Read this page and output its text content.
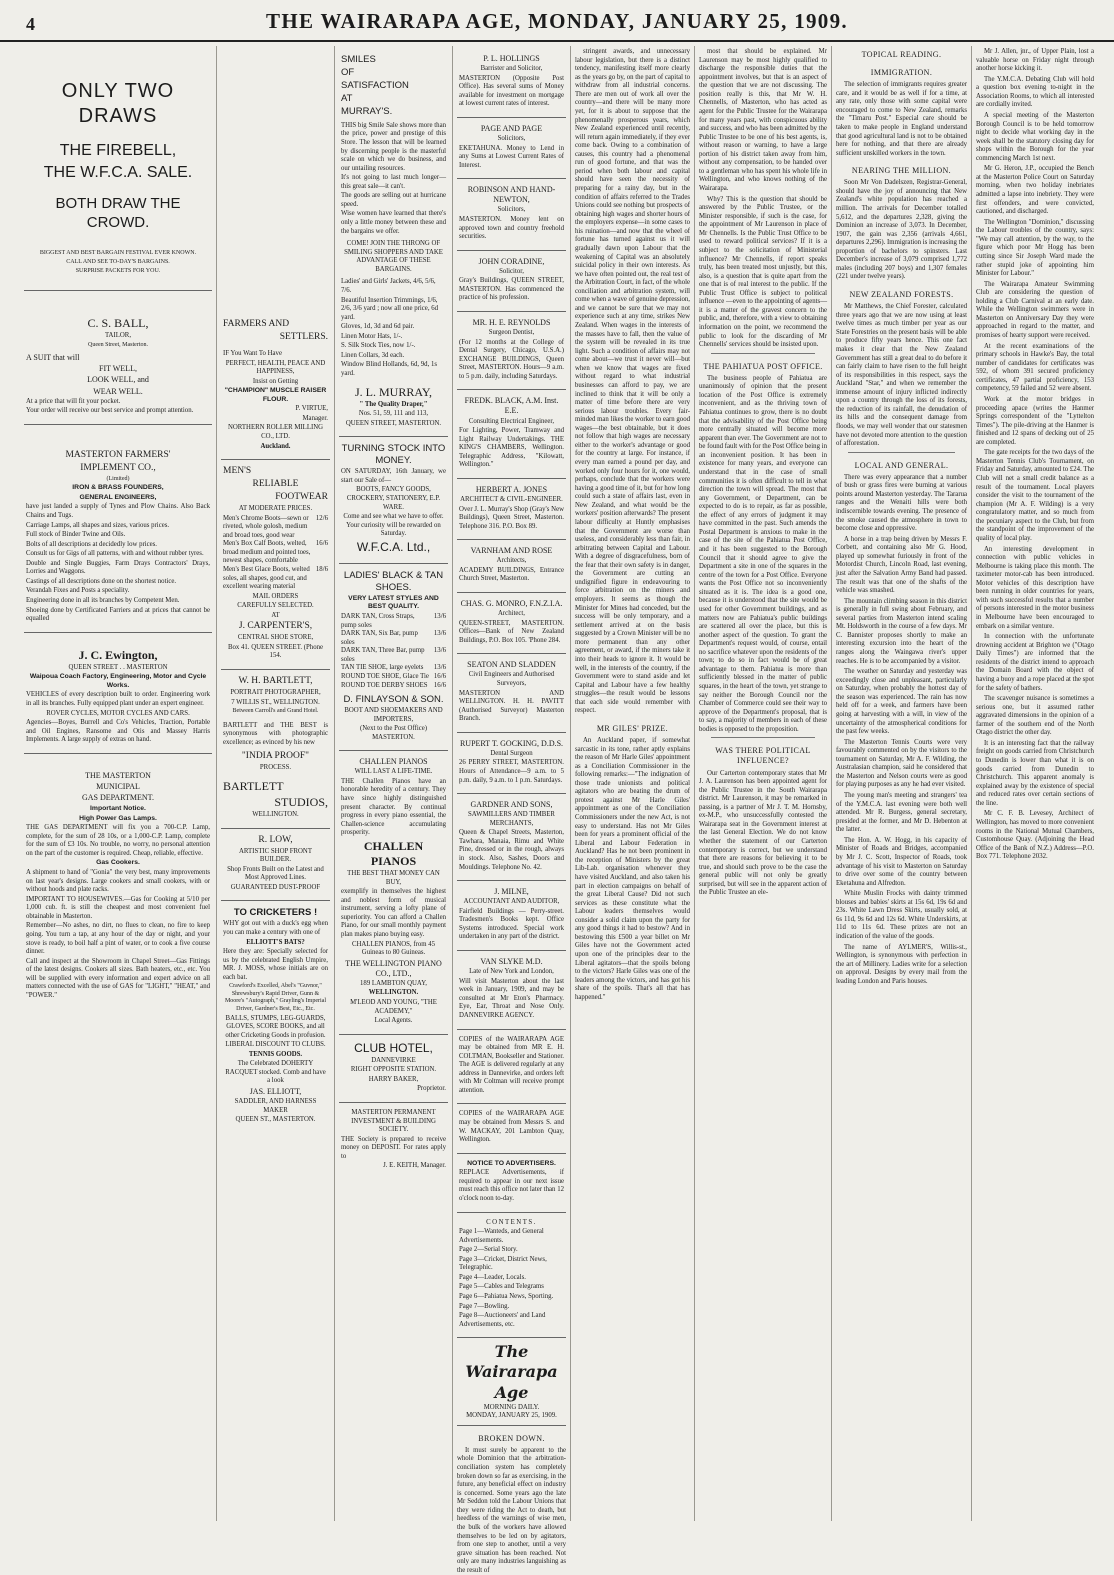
4	THE WAIRARAPA AGE, MONDAY, JANUARY 25, 1909.

ONLY TWO DRAWS

THE FIREBELL,

THE W.F.C.A. SALE.

BOTH DRAW THE CROWD.

BIGGEST AND BEST BARGAIN FESTIVAL EVER KNOWN.

CALL AND SEE TO-DAY'S BARGAINS.

SURPRISE PACKETS FOR YOU.

C. S. BALL,

TAILOR,

Queen Street, Masterton.

A SUIT that will

FIT WELL,

LOOK WELL, and

WEAR WELL.

At a price that will fit your pocket.

Your order will receive our best service and prompt attention.

MASTERTON FARMERS'

IMPLEMENT CO.,

(Limited)

IRON & BRASS FOUNDERS,

GENERAL ENGINEERS,

have just landed a supply of Tynes and Plow Chains. Also Back Chains and Tugs.

Carriage Lamps, all shapes and sizes, various prices.

Full stock of Binder Twine and Oils.

Bolts of all descriptions at decidedly low prices.

Consult us for Gigs of all patterns, with and without rubber tyres.

Double and Single Buggies, Farm Drays Contractors' Drays, Lorries and Waggons.

Castings of all descriptions done on the shortest notice.

Verandah Fixes and Posts a speciality.

Engineering done in all its branches by Competent Men.

Shoeing done by Certificated Farriers and at prices that cannot be equalled

J. C. Ewington,

QUEEN STREET . . MASTERTON

Waipoua Coach Factory, Engineering, Motor and Cycle Works.

VEHICLES of every description built to order. Engineering work in all its branches. Fully equipped plant under an expert engineer.

ROVER CYCLES, MOTOR CYCLES AND CARS.

Agencies—Boyes, Burrell and Co's Vehicles, Traction, Portable and Oil Engines, Ransome and Otis and Massey Harris Implements. A large supply of extras on hand.

THE MASTERTON

MUNICIPAL

GAS DEPARTMENT.

Important Notice.

High Power Gas Lamps.

THE GAS DEPARTMENT will fix you a 700-C.P. Lamp, complete, for the sum of 28 10s, or a 1,000-C.P. Lamp, complete for the sum of £3 10s. No trouble, no worry, no personal attention on the part of the customer is required. Cheap, reliable, effective.

Gas Cookers.

A shipment to hand of "Gonia" the very best, many improvements on last year's designs. Large cookers and small cookers, with or without hoods and plate racks.

IMPORTANT TO HOUSEWIVES.—Gas for Cooking at 5/10 per 1,000 cub. ft. is still the cheapest and most convenient fuel obtainable in Masterton.

Remember—No ashes, no dirt, no flues to clean, no fire to keep going. You turn a tap, at any hour of the day or night, and your stove is ready, to boil half a pint of water, or to cook a five course dinner.

Call and inspect at the Showroom in Chapel Street—Gas Fittings of the latest designs. Cookers all sizes. Bath heaters, etc., etc. You will be supplied with every information and expert advice on all matters connected with the use of GAS for "LIGHT," "HEAT," and "POWER."

FARMERS AND

SETTLERS.

IF You Want To Have

PERFECT, HEALTH, PEACE AND HAPPINESS,

Insist on Getting

"CHAMPION" MUSCLE RAISER FLOUR.

P. VIRTUE,

Manager.

NORTHERN ROLLER MILLING CO., LTD.

Auckland.

MEN'S

RELIABLE

FOOTWEAR

AT MODERATE PRICES.

Men's Chrome Boots—sewn or riveted, whole golosh, medium and broad toes, good wear
12/6
Men's Box Calf Boots, welted, broad medium and pointed toes, newest shapes, comfortable
16/6
Men's Best Glace Boots, welted soles, all shapes, good cut, and excellent wearing material
18/6

MAIL ORDERS

CAREFULLY SELECTED.

AT

J. CARPENTER'S,

CENTRAL SHOE STORE,

Box 41. QUEEN STREET. (Phone 154.

W. H. BARTLETT,

PORTRAIT PHOTOGRAPHER,

7 WILLIS ST., WELLINGTON.

Between Carroll's and Grand Hotel.

BARTLETT and THE BEST is synonymous with photographic excellence; as evinced by his new

"INDIA PROOF"

PROCESS.

BARTLETT

STUDIOS,

WELLINGTON.

R. LOW,

ARTISTIC SHOP FRONT BUILDER.

Shop Fronts Built on the Latest and Most Approved Lines.

GUARANTEED DUST-PROOF

TO CRICKETERS !

WHY got out with a duck's egg when you can make a century with one of

ELLIOTT'S BATS?

Here they are: Specially selected for us by the celebrated English Umpire, MR. J. MOSS, whose initials are on each bat.

Crawford's Excelled, Abel's "Guvnor," Shrewsbury's Rapid Driver, Gunn & Moore's "Autograph," Grayling's Imperial Driver, Gardner's Best, Etc., Etc.

BALLS, STUMPS, LEG-GUARDS, GLOVES, SCORE BOOKS, and all other Cricketing Goods in profusion.

LIBERAL DISCOUNT TO CLUBS.

TENNIS GOODS.

The Celebrated DOHERTY RACQUET stocked. Comb and have a look

JAS. ELLIOTT,

SADDLER, AND HARNESS MAKER

QUEEN ST., MASTERTON.

SMILES

OF

SATISFACTION

AT

MURRAY'S.

THIS big Smile Sale shows more than the price, power and prestige of this Store. The lesson that will be learned by discerning people is the masterful scale on which we do business, and our untailing resources.

It's not going to last much longer—this great sale—it can't.

The goods are selling out at hurricane speed.

Wise women have learned that there's only a little money between these and the bargains we offer.

COME! JOIN THE THRONG OF SMILING SHOPPERS AND TAKE ADVANTAGE OF THESE BARGAINS.

Ladies' and Girls' Jackets, 4/6, 5/6, 7/6.

Beautiful Insertion Trimmings, 1/6, 2/6, 3/6 yard ; now all one price, 6d yard.

Gloves, 1d, 3d and 6d pair.

Linen Motor Hats, 1/-.

S. Silk Stock Ties, now 1/-.

Linen Collars, 3d each.

Window Blind Hollands, 6d, 9d, 1s yard.

J. L. MURRAY,

" The Quality Draper,"

Nos. 51, 59, 111 and 113,

QUEEN STREET, MASTERTON.

TURNING STOCK INTO MONEY.

ON SATURDAY, 16th January, we start our Sale of—

BOOTS, FANCY GOODS, CROCKERY, STATIONERY, E.P. WARE.

Come and see what we have to offer. Your curiosity will be rewarded on Saturday.

W.F.C.A. Ltd.,

LADIES' BLACK & TAN SHOES.

VERY LATEST STYLES AND BEST QUALITY.

DARK TAN, Cross Straps, pump soles
13/6
DARK TAN, Six Bar, pump soles
13/6
DARK TAN, Three Bar, pump soles
13/6
TAN TIE SHOE, large eyelets 13/6
ROUND TOE SHOE, Glace Tie 16/6
ROUND TOE DERBY SHOES 16/6

D. FINLAYSON & SON.

BOOT AND SHOEMAKERS AND IMPORTERS,

(Next to the Post Office) MASTERTON.

CHALLEN PIANOS

WILL LAST A LIFE-TIME.

THE Challen Pianos have an honorable heredity of a century. They have since highly distinguished present character. By continual progress in every piano essential, the Challen-science accumulating prosperity.

CHALLEN PIANOS

THE BEST THAT MONEY CAN BUY,

exemplify in themselves the highest and noblest form of musical instrument, serving a lofty plane of superiority. You can afford a Challen Piano, for our small monthly payment plan makes piano buying easy.

CHALLEN PIANOS, from 45 Guineas to 80 Guineas.

THE WELLINGTON PIANO CO., LTD.,

189 LAMBTON QUAY,

WELLINGTON.

M'LEOD AND YOUNG, "THE ACADEMY,"

Local Agents.

CLUB HOTEL,

DANNEVIRKE

RIGHT OPPOSITE STATION.

HARRY BAKER,

Proprietor.

MASTERTON PERMANENT INVESTMENT & BUILDING SOCIETY.

THE Society is prepared to receive money on DEPOSIT. For rates apply to

J. E. KEITH, Manager.

P. L. HOLLINGS

Barrister and Solicitor,

MASTERTON (Opposite Post Office). Has several sums of Money available for investment on mortgage at lowest current rates of interest.

PAGE AND PAGE

Solicitors,

EKETAHUNA. Money to Lend in any Sums at Lowest Current Rates of Interest.

ROBINSON AND HAND-NEWTON,

Solicitors,

MASTERTON. Money lent on approved town and country freehold securities.

JOHN CORADINE,

Solicitor,

Gray's Buildings, QUEEN STREET, MASTERTON. Has commenced the practice of his profession.

MR. H. E. REYNOLDS

Surgeon Dentist,

(For 12 months at the College of Dental Surgery, Chicago, U.S.A.) EXCHANGE BUILDINGS, Queen Street, MASTERTON. Hours—9 a.m. to 5 p.m. daily, including Saturdays.

FREDK. BLACK, A.M. Inst. E.E.

Consulting Electrical Engineer,

For Lighting, Power, Tramway and Light Railway Undertakings. THE KING'S CHAMBERS, Wellington. Telegraphic Address, "Kilowatt, Wellington."

HERBERT A. JONES

ARCHITECT & CIVIL-ENGINEER.

Over J. L. Murray's Shop (Gray's New Buildings), Queen Street, Masterton. Telephone 316. P.O. Box 89.

VARNHAM AND ROSE

Architects,

ACADEMY BUILDINGS, Entrance Church Street, Masterton.

CHAS. G. MONRO, F.N.Z.I.A.

Architect,

QUEEN-STREET, MASTERTON. Offices—Bank of New Zealand Buildings, P.O. Box 105. 'Phone 284.

SEATON AND SLADDEN

Civil Engineers and Authorised Surveyors,

MASTERTON AND WELLINGTON. H. H. PAVITT (Authorised Surveyor) Masterton Branch.

RUPERT T. GOCKING, D.D.S.

Dental Surgeon

26 PERRY STREET, MASTERTON. Hours of Attendance—9 a.m. to 5 p.m. daily, 9 a.m. to 1 p.m. Saturdays.

GARDNER AND SONS,

SAWMILLERS AND TIMBER MERCHANTS,

Queen & Chapel Streets, Masterton, Tawhara, Manaia, Rimu and White Pine, dressed or in the rough, always in stock. Also, Sashes, Doors and Mouldings. Telephone No. 42.

J. MILNE,

ACCOUNTANT AND AUDITOR,

Fairfield Buildings — Perry-street. Tradesmen's Books kept. Office Systems introduced. Special work undertaken in any part of the district.

VAN SLYKE M.D.

Late of New York and London,

Will visit Masterton about the last week in January, 1909, and may be consulted at Mr Eton's Pharmacy. Eye, Ear, Throat and Nose Only. DANNEVIRKE AGENCY.

COPIES of the WAIRARAPA AGE may be obtained from MR E. H. COLTMAN, Bookseller and Stationer. The AGE is delivered regularly at any address in Dannevirke, and orders left with Mr Coltman will receive prompt attention.

COPIES of the WAIRARAPA AGE may be obtained from Messrs S. and W. MACKAY, 201 Lambton Quay, Wellington.

NOTICE TO ADVERTISERS.

REPLACE Advertisements, if required to appear in our next issue must reach this office not later than 12 o'clock noon to-day.

CONTENTS.

Page 1—Wanteds, and General Advertisements.

Page 2—Serial Story.

Page 3—Cricket, District News, Telegraphic.

Page 4—Leader, Locals.

Page 5—Cables and Telegrams

Page 6—Pahiatua News, Sporting.

Page 7—Bowling.

Page 8—Auctioneers' and Land Advertisements, etc.

The Wairarapa Age

MORNING DAILY.

MONDAY, JANUARY 25, 1909.

BROKEN DOWN.

It must surely be apparent to the whole Dominion that the arbitration-conciliation system has completely broken down so far as exercising, in the future, any beneficial effect on industry is concerned. Some years ago the late Mr Seddon told the Labour Unions that they were riding the Act to death, but heedless of the warnings of wise men, the bulk of the workers have allowed themselves to be led on by agitators, from one step to another, until a very grave situation has been reached. Not only are many industries languishing as the result of

stringent awards, and unnecessary labour legislation, but there is a distinct tendency, manifesting itself more clearly as the years go by, on the part of capital to withdraw from all industrial concerns. There are men out of work all over the country—and there will be many more yet, for it is about to suppose that the phenomenally prosperous years, which New Zealand experienced until recently, will return again immediately, if they ever come back. Owing to a combination of causes, this country had a phenomenal run of good fortune, and that was the period when both labour and capital should have seen the necessity of preparing for a rainy day, but in the condition of affairs referred to the Trades Unions could see nothing but prospects of obtaining high wages and shorter hours of the employers expense—in some cases to his ruination—and now that the wheel of fortune has turned against us it will gradually dawn upon Labour that the weakening of Capital was an absolutely suicidal policy in their own interests. As we have often pointed out, the real test of the Arbitration Court, in fact, of the whole conciliation and arbitration system, will come when a wave of genuine depression, and we cannot be sure that we may not experience such at any time, strikes New Zealand. When wages in the interests of the masses have to fall, then the value of the system will be revealed in its true light. Such a condition of affairs may not come about—we trust it never will—but when we know that wages are fixed without regard to what industrial businesses can afford to pay, we are inclined to think that it will be only a matter of time before there are very serious labour troubles. Every fair-minded man likes the worker to earn good wages—the best obtainable, but it does not follow that high wages are necessary either to the worker's advantage or good for the country at large. For instance, if every man earned a pound per day, and worked only four hours for it, one would, perhaps, conclude that the workers were having a good time of it, but for how long could such a state of affairs last, even in New Zealand, and what would be the workers' position afterwards? The present labour difficulty at Huntly emphasises that the Government are worse than useless, and considerably less than fair, in arbitrating between Capital and Labour. With a degree of disgracefulness, born of the fear that their own safety is in danger, the Government are cutting an undignified figure in endeavouring to force arbitration on the miners and employers. It seems as though the Minister for Mines had conceded, but the success will be only temporary, and a settlement arrived at on the basis suggested by a Crown Minister will be no more permanent than any other agreement, or award, if the miners take it into their heads to ignore it. It would be well, in the interests of the country, if the Government were to stand aside and let Capital and Labour have a few healthy struggles—the result would be lessons that each side would remember with respect.

MR GILES' PRIZE.

An Auckland paper, if somewhat sarcastic in its tone, rather aptly explains the reason of Mr Harle Giles' appointment as a Conciliation Commissioner in the following remarks:—"The indignation of those trade unionists and political agitators who are beating the drum of protest against Mr Harle Giles' appointment as one of the Conciliation Commissioners under the new Act, is not easy to understand. Has not Mr Giles been for years a prominent official of the Liberal and Labour Federation in Auckland? Has he not been prominent in the reception of Ministers by the great Lib-Lab. organisation whenever they have visited Auckland, and also taken his part in election campaigns on behalf of the great Liberal Cause? Did not such services as these constitute what the Labour leaders themselves would consider a solid claim upon the party for any good things it had to bestow? And in bestowing this £500 a year billet on Mr Giles have not the Government acted upon one of the principles dear to the Liberal agitators—that the spoils belong to the victors? Harle Giles was one of the leaders among the victors, and has got his share of the spoils. That's all that has happened."

most that should be explained. Mr Laurenson may be most highly qualified to discharge the responsible duties that the appointment involves, but that is an aspect of the question that we are not discussing. The position really is this, that Mr W. H. Chennells, of Masterton, who has acted as agent for the Public Trustee for the Wairarapa for many years past, with conspicuous ability and success, and who has been admitted by the Public Trustee to be one of his best agents, is, without reason or warning, to have a large portion of his district taken away from him, without any compensation, to be handed over to a gentleman who has spent his whole life in Wellington, and who knows nothing of the Wairarapa.

Why? This is the question that should be answered by the Public Trustee, or the Minister responsible, if such is the case, for the appointment of Mr Laurenson in place of Mr Chennells. Is the Public Trust Office to be used to reward political services? If it is a subject to the solicitation of Ministerial influence? Mr Chennells, if report speaks truly, has been treated most unjustly, but this, also, is a question that is quite apart from the one that is of real interest to the public. If the Public Trust Office is subject to political influence —even to the appointing of agents—it is a matter of the gravest concern to the public, and, therefore, with a view to obtaining information on the point, we recommend the public to look for the discarding of Mr Chennells' services should be insisted upon.

THE PAHIATUA POST OFFICE.

The business people of Pahiatua are unanimously of opinion that the present location of the Post Office is extremely inconvenient, and as the thriving town of Pahiatua continues to grow, there is no doubt that the advisability of the Post Office being more centrally situated will become more apparent than ever. The Government are not to be found fault with for the Post Office being in an inconvenient position. It has been in existence for many years, and everyone can understand that in the case of small communities it is often difficult to tell in what direction the town will spread. The most that any Government, or Department, can be expected to do is to repair, as far as possible, the effect of any errors of judgment it may have committed in the past. Such amends the Postal Department is anxious to make in the case of the site of the Pahiatua Post Office, and it has been suggested to the Borough Council that it should agree to give the Department a site in one of the squares in the centre of the town for a Post Office. Everyone wants the Post Office not so inconveniently situated as it is. The idea is a good one, because it is understood that the site would be used for other Government buildings, and as matters now are Pahiatua's public buildings are scattered all over the place, but this is another aspect of the question. To grant the Department's request would, of course, entail no sacrifice whatever upon the residents of the town; to do so in fact would be of great advantage to them. Pahiatua is more than sufficiently blessed in the matter of public squares, in the heart of the town, yet strange to say neither the Borough Council nor the Chamber of Commerce could see their way to approve of the Department's proposal, that is to say, a majority of members in each of these bodies is opposed to the proposition.

WAS THERE POLITICAL INFLUENCE?

Our Carterton contemporary states that Mr J. A. Laurenson has been appointed agent for the Public Trustee in the South Wairarapa district. Mr Laurenson, it may be remarked in passing, is a partner of Mr J. T. M. Hornsby, ex-M.P., who unsuccessfully contested the Wairarapa seat in the Government interest at the last General Election. We do not know whether the statement of our Carterton contemporary is correct, but we understand that there are reasons for believing it to be true, and should such prove to be the case the general public will not only be greatly surprised, but will see in the apparent action of the Public Trustee an ele-

TOPICAL READING.

IMMIGRATION.

The selection of immigrants requires greater care, and it would be as well if for a time, at any rate, only those with some capital were encouraged to come to New Zealand, remarks the "Timaru Post." Especial care should be taken to make people in England understand that good agricultural land is not to be obtained here for nothing, and that there are already sufficient unskilled workers in the town.

NEARING THE MILLION.

Soon Mr Von Dadelszen, Registrar-General, should have the joy of announcing that New Zealand's white population has reached a million. The arrivals for December totalled 5,612, and the departures 2,328, giving the Dominion an increase of 3,073. In December, 1907, the gain was 2,356 (arrivals 4,661, departures 2,296). Immigration is increasing the proportion of bachelors to spinsters. Last December's increase of 3,079 comprised 1,772 males (including 207 boys) and 1,307 females (221 under twelve years).

NEW ZEALAND FORESTS.

Mr Matthews, the Chief Forester, calculated three years ago that we are now using at least twelve times as much timber per year as our State Forestries on the present basis will be able to produce fifty years hence. This one fact makes it clear that the New Zealand Government has still a great deal to do before it can fairly claim to have risen to the full height of its responsibilities in this respect, says the Auckland "Star," and when we remember the immense amount of injury inflicted indirectly upon a country through the loss of its forests, the reduction of its rainfall, the denudation of its hills and the consequent damage from floods, we may well wonder that our statesmen have not devoted more attention to the question of afforestation.

LOCAL AND GENERAL.

There was every appearance that a number of bush or grass fires were burning at various points around Masterton yesterday. The Tararua ranges and the Wenaiti hills were both indiscernible towards evening. The presence of the smoke caused the atmosphere in town to become close and oppressive.

A horse in a trap being driven by Messrs F. Corbett, and containing also Mr G. Hood, played up somewhat furiously in front of the Motordist Church, Lincoln Road, last evening, just after the Salvation Army Band had passed. The result was that one of the shafts of the vehicle was smashed.

The mountain climbing season in this district is generally in full swing about February, and several parties from Masterton intend scaling Mt. Holdsworth in the course of a few days. Mr C. Bannister proposes shortly to make an interesting excursion into the heart of the ranges along the Waingawa river's upper reaches. He is to be accompanied by a visitor.

The weather on Saturday and yesterday was exceedingly close and unpleasant, particularly on Saturday, when probably the hottest day of the season was experienced. The rain has now held off for a week, and farmers have been going at harvesting with a will, in view of the uncertainty of the atmospherical conditions for the past few weeks.

The Masterton Tennis Courts were very favourably commented on by the visitors to the tournament on Saturday, Mr A. F. Wilding, the Australasian champion, said he considered that the Masterton and Nelson courts were as good for playing purposes as any he had ever visited.

The young man's meeting and strangers' tea of the Y.M.C.A. last evening were both well attended. Mr R. Burgess, general secretary, presided at the former, and Mr D. Hebenton at the latter.

The Hon. A. W. Hogg, in his capacity of Minister of Roads and Bridges, accompanied by Mr J. C. Scott, Inspector of Roads, took advantage of his visit to Masterton on Saturday to drive over some of the country between Eketahuna and Alfredton.

White Muslin Frocks with dainty trimmed blouses and babies' skirts at 15s 6d, 19s 6d and 23s. White Lawn Dress Skirts, usually sold, at 6s 11d, 9s 6d and 12s 6d. White Underskirts, at 11d to 11s 6d. These prizes are not an indication of the value of the goods.

The name of AYLMER'S, Willis-st., Wellington, is synonymous with perfection in the art of Millinery. Ladies write for a selection on approval. Designs by every mail from the leading London and Paris houses.

Mr J. Allen, jnr., of Upper Plain, lost a valuable horse on Friday night through another horse kicking it.

The Y.M.C.A. Debating Club will hold a question box evening to-night in the Association Rooms, to which all interested are cordially invited.

A special meeting of the Masterton Borough Council is to be held tomorrow night to decide what working day in the week shall be the statutory closing day for shops within the Borough for the year commencing March 1st next.

Mr G. Heron, J.P., occupied the Bench at the Masterton Police Court on Saturday morning, when two holiday inebriates admitted a lapse into inebriety. They were first offenders, and were convicted, cautioned, and discharged.

The Wellington "Dominion," discussing the Labour troubles of the country, says: "We may call attention, by the way, to the figure which poor Mr Hogg has been cutting since Sir Joseph Ward made the rather stupid joke of appointing him Minister for Labour."

The Wairarapa Amateur Swimming Club are considering the question of holding a Club Carnival at an early date. While the Wellington swimmers were in Masterton on Anniversary Day they were approached in regard to the matter, and promises of hearty support were received.

At the recent examinations of the primary schools in Hawke's Bay, the total number of candidates for certificates was 592, of whom 391 secured proficiency certificates, 47 partial proficiency, 153 competency, 59 failed and 52 were absent.

Work at the motor bridges in proceeding apace (writes the Hanmer Springs correspondent of the "Lyttelton Times"). The pile-driving at the Hanmer is finished and 12 spans of decking out of 25 are completed.

The gate receipts for the two days of the Masterton Tennis Club's Tournament, on Friday and Saturday, amounted to £24. The Club will net a small credit balance as a result of the tournament. Local players consider the visit to the tournament of the champion (Mr A. F. Wilding) is a very congratulatory matter, and so much from the pecuniary aspect to the Club, but from the standpoint of the improvement of the quality of local play.

An interesting development in connection with public vehicles in Melbourne is taking place this month. The taximeter motor-cab has been introduced. Motor vehicles of this description have been running in older countries for years, with such successful results that a number of persons interested in the motor business in Melbourne have been encouraged to embark on a similar venture.

In connection with the unfortunate drowning accident at Brighton we ("Otago Daily Times") are informed that the residents of the district intend to approach the Domain Board with the object of having a buoy and a rope placed at the spot for the safety of bathers.

The scavenger nuisance is sometimes a serious one, but it assumed rather aggravated dimensions in the opinion of a farmer of the southern end of the North Otago district the other day.

It is an interesting fact that the railway freight on goods carried from Christchurch to Dunedin is lower than what it is on goods carried from Dunedin to Christchurch. This apparent anomaly is explained away by the existence of special and reduced rates over certain sections of the line.

Mr C. F. B. Levesey, Architect of Wellington, has moved to more convenient rooms in the National Mutual Chambers, Customhouse Quay. (Adjoining the Head Office of the Bank of N.Z.) Address—P.O. Box 771. Telephone 2032.
